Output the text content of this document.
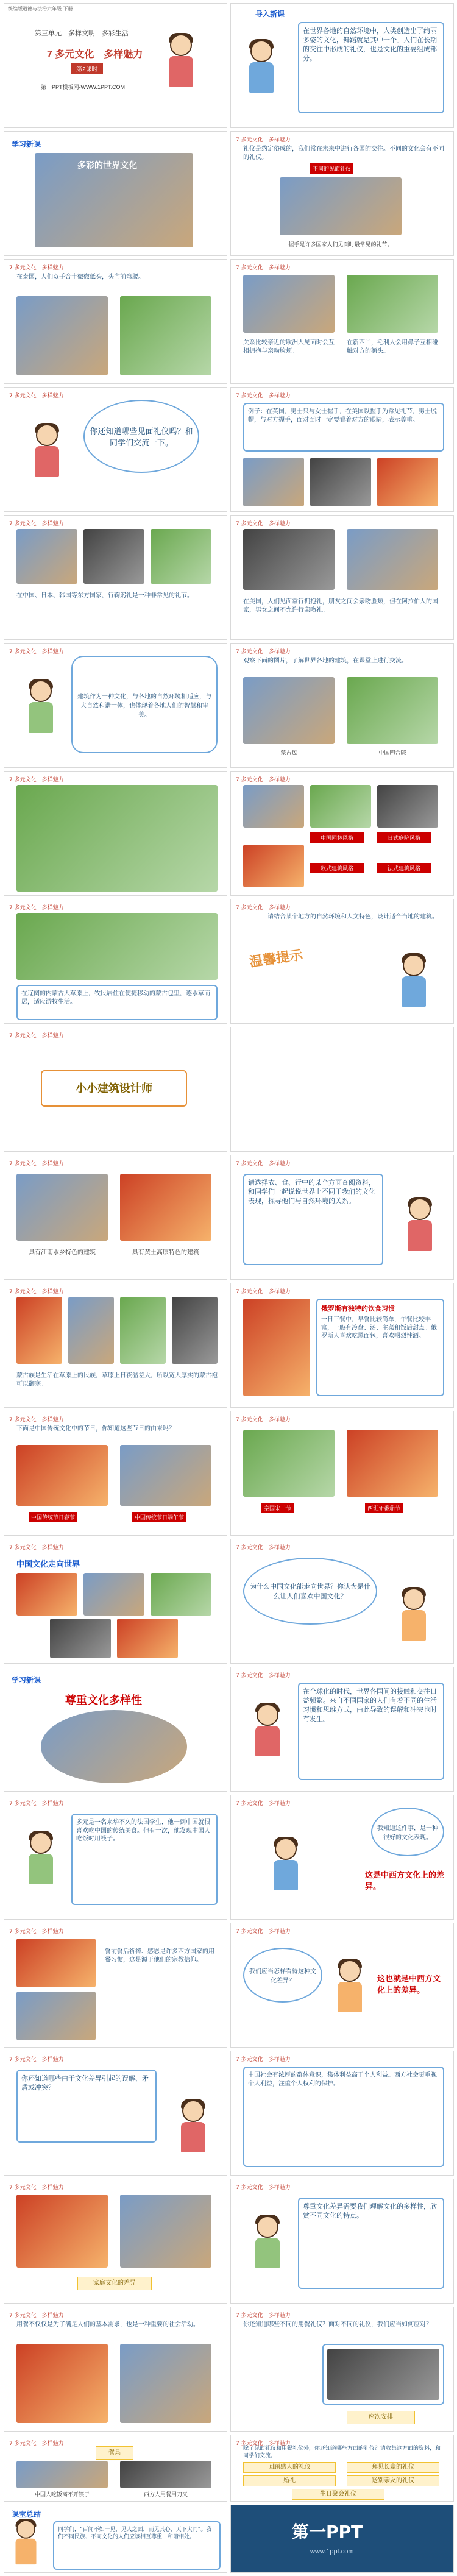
统编版道德与法治六年级 下册
第三单元　多样文明　多彩生活
7 多元文化　多样魅力
第2课时
第一PPT模板网-WWW.1PPT.COM
导入新课
在世界各地的自然环境中，人类创造出了绚丽多姿的文化，舞蹈就是其中一个。人们在长期的交往中形成的礼仪，也是文化的重要组成部分。
学习新课
多彩的世界文化
7 多元文化　多样魅力
礼仪是约定俗成的，我们常在未来中进行各国的交往。不同的文化会有不同的礼仪。
不同的见面礼仪
握手是许多国家人们见面时最常见的礼节。
7 多元文化　多样魅力
在泰国，人们双手合十微微低头，头向前弯腰。
7 多元文化　多样魅力
关系比较亲近的欧洲人见面时会互相拥抱与亲吻脸颊。
在新西兰，毛利人会用鼻子互相碰触对方的额头。
7 多元文化　多样魅力
你还知道哪些见面礼仪吗？和同学们交流一下。
7 多元文化　多样魅力
例子：在英国，男士只与女士握手，在美国以握手为常见礼节，男士脱帽，与对方握手，面对面时一定要看着对方的眼睛，表示尊重。
7 多元文化　多样魅力
在中国、日本、韩国等东方国家，行鞠躬礼是一种非常见的礼节。
7 多元文化　多样魅力
在美国，人们见面常行拥抱礼，朋友之间会亲吻脸颊，但在阿拉伯人的国家，男女之间不允许行亲吻礼。
7 多元文化　多样魅力
建筑作为一种文化，与各地的自然环境相适应，与大自然和谐一体，也体现着各地人们的智慧和审美。
7 多元文化　多样魅力
观察下面的图片，了解世界各地的建筑，在课堂上进行交流。
蒙古包	中国四合院
7 多元文化　多样魅力	7 多元文化　多样魅力
中国园林风格	日式庭院风格
欧式建筑风格	法式建筑风格
7 多元文化　多样魅力
在辽阔的内蒙古大草原上，牧民居住在便捷移动的蒙古包里，逐水草而居，适应游牧生活。
7 多元文化　多样魅力
请结合某个地方的自然环境和人文特色，设计适合当地的建筑。
温馨提示
7 多元文化　多样魅力
小小建筑设计师
7 多元文化　多样魅力
具有江南水乡特色的建筑	具有黄土高原特色的建筑
7 多元文化　多样魅力
请选择衣、食、行中的某个方面查阅资料，和同学们一起说说世界上不同于我们的文化表现，探寻他们与自然环境的关系。
7 多元文化　多样魅力
蒙古族是生活在草原上的民族，草原上日夜温差大，所以宽大厚实的蒙古袍可以御寒。
7 多元文化　多样魅力
俄罗斯有独特的饮食习惯
一日三餐中，早餐比较简单，午餐比较丰富，一般有冷盘、汤、主菜和饭后甜点。俄罗斯人喜欢吃黑面包，喜欢喝烈性酒。
7 多元文化　多样魅力
下面是中国传统文化中的节日，你知道这些节日的由来吗？
中国传统节日春节	中国传统节日端午节
7 多元文化　多样魅力
泰国宋干节	西班牙番茄节
7 多元文化　多样魅力
中国文化走向世界
7 多元文化　多样魅力
为什么中国文化能走向世界？你认为是什么让人们喜欢中国文化？
学习新课
尊重文化多样性
7 多元文化　多样魅力
在全球化的时代，世界各国间的接触和交往日益频繁。来自不同国家的人们有着不同的生活习惯和思维方式，由此导致的误解和冲突也时有发生。
7 多元文化　多样魅力
多元是一名来华不久的法国学生，他一到中国就很喜欢吃中国的传统美食。但有一次，他发现中国人吃饭时用筷子。
7 多元文化　多样魅力
我知道这件事，是一种很好的文化表现。
这是中西方文化上的差异。
7 多元文化　多样魅力
餐前餐后祈祷、感恩是许多西方国家的用餐习惯，这是源于他们的宗教信仰。
7 多元文化　多样魅力
我们应当怎样看待这种文化差异？	这也就是中西方文化上的差异。
7 多元文化　多样魅力
你还知道哪些由于文化差异引起的误解、矛盾或冲突？
7 多元文化　多样魅力
中国社会有浓厚的群体意识，集体利益高于个人利益。西方社会更重视个人利益，注重个人权利的保护。
7 多元文化　多样魅力
家庭文化的差异
7 多元文化　多样魅力
尊重文化差异需要我们理解文化的多样性，欣赏不同文化的特点。
7 多元文化　多样魅力
用餐不仅仅是为了满足人们的基本需求，也是一种重要的社会活动。
7 多元文化　多样魅力
你还知道哪些不同的用餐礼仪？面对不同的礼仪，我们应当如何应对？
座次安排
7 多元文化　多样魅力
餐具
中国人吃饭离不开筷子	西方人用餐用刀叉
7 多元文化　多样魅力
除了见面礼仪和用餐礼仪外，你还知道哪些方面的礼仪？请收集这方面的资料，和同学们交流。
回顾感人的礼仪	拜见长辈的礼仪
婚礼	送别亲友的礼仪
生日聚会礼仪
课堂总结
同学们，“百闻不如一见，见人之面，而见其心，天下大同”。我们不同民族、不同文化的人们应该相互尊重，和谐相处。	第一PPT
www.1ppt.com
